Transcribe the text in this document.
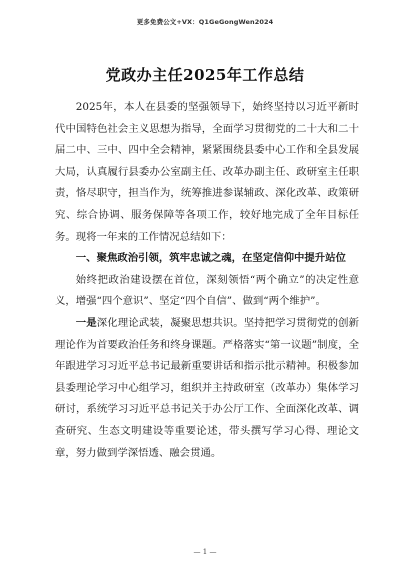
更多免费公文+VX：Q1GeGongWen2024
党政办主任2025年工作总结

2025年，本人在县委的坚强领导下，始终坚持以习近平新时代中国特色社会主义思想为指导，全面学习贯彻党的二十大和二十届二中、三中、四中全会精神，紧紧围绕县委中心工作和全县发展大局，认真履行县委办公室副主任、改革办副主任、政研室主任职责，恪尽职守，担当作为，统筹推进参谋辅政、深化改革、政策研究、综合协调、服务保障等各项工作，较好地完成了全年目标任务。现将一年来的工作情况总结如下：

一、聚焦政治引领，筑牢忠诚之魂，在坚定信仰中提升站位

始终把政治建设摆在首位，深刻领悟“两个确立”的决定性意义，增强“四个意识”、坚定“四个自信”、做到“两个维护”。

一是深化理论武装，凝聚思想共识。坚持把学习贯彻党的创新理论作为首要政治任务和终身课题。严格落实“第一议题”制度，全年跟进学习习近平总书记最新重要讲话和指示批示精神。积极参加县委理论学习中心组学习，组织并主持政研室（改革办）集体学习研讨，系统学习习近平总书记关于办公厅工作、全面深化改革、调查研究、生态文明建设等重要论述，带头撰写学习心得、理论文章，努力做到学深悟透、融会贯通。

— 1 —
